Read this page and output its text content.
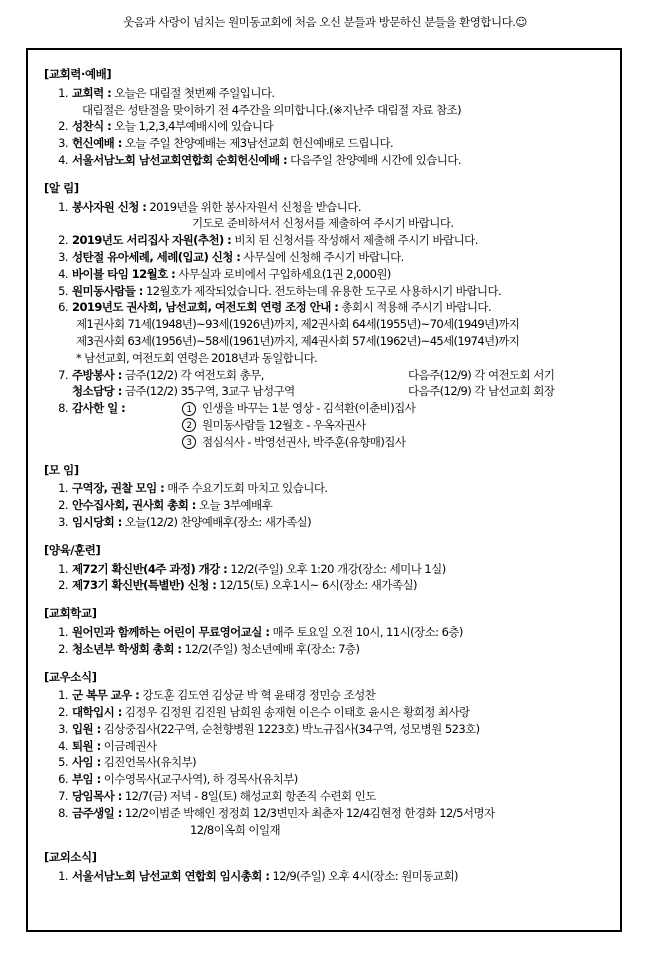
웃음과 사랑이 넘치는 원미동교회에 처음 오신 분들과 방문하신 분들을 환영합니다.☺
[교회력·예배]
1. 교회력 : 오늘은 대림절 첫번째 주일입니다.
대림절은 성탄절을 맞이하기 전 4주간을 의미합니다.(※지난주 대림절 자료 참조)
2. 성찬식 : 오늘 1,2,3,4부예배시에 있습니다
3. 헌신예배 : 오늘 주일 찬양예배는 제3남선교회 헌신예배로 드립니다.
4. 서울서남노회 남선교회연합회 순회헌신예배 : 다음주일 찬양예배 시간에 있습니다.
[알 림]
1. 봉사자원 신청 : 2019년을 위한 봉사자원서 신청을 받습니다.
기도로 준비하셔서 신청서를 제출하여 주시기 바랍니다.
2. 2019년도 서리집사 자원(추천) : 비치 된 신청서를 작성해서 제출해 주시기 바랍니다.
3. 성탄절 유아세례, 세례(입교) 신청 : 사무실에 신청해 주시기 바랍니다.
4. 바이블 타임 12월호 : 사무실과 로비에서 구입하세요(1권 2,000원)
5. 원미동사람들 : 12월호가 제작되었습니다. 전도하는데 유용한 도구로 사용하시기 바랍니다.
6. 2019년도 권사회, 남선교회, 여전도회 연령 조정 안내 : 총회시 적용해 주시기 바랍니다.
제1권사회 71세(1948년)~93세(1926년)까지, 제2권사회 64세(1955년)~70세(1949년)까지
제3권사회 63세(1956년)~58세(1961년)까지, 제4권사회 57세(1962년)~45세(1974년)까지
* 남선교회, 여전도회 연령은 2018년과 동일합니다.
7. 주방봉사 : 금주(12/2) 각 여전도회 총무,	다음주(12/9) 각 여전도회 서기
청소담당 : 금주(12/2) 35구역, 3교구 남성구역	다음주(12/9) 각 남선교회 회장
8. 감사한 일 :	1 인생을 바꾸는 1분 영상 - 김석환(이춘비)집사
2 원미동사람들 12월호 - 우옥자권사
3 점심식사 - 박영선권사, 박주훈(유향매)집사
[모 임]
1. 구역장, 권찰 모임 : 매주 수요기도회 마치고 있습니다.
2. 안수집사회, 권사회 총회 : 오늘 3부예배후
3. 임시당회 : 오늘(12/2) 찬양예배후(장소: 새가족실)
[양육/훈련]
1. 제72기 확신반(4주 과정) 개강 : 12/2(주일) 오후 1:20 개강(장소: 세미나 1실)
2. 제73기 확신반(특별반) 신청 : 12/15(토) 오후1시~ 6시(장소: 새가족실)
[교회학교]
1. 원어민과 함께하는 어린이 무료영어교실 : 매주 토요일 오전 10시, 11시(장소: 6층)
2. 청소년부 학생회 총회 : 12/2(주일) 청소년예배 후(장소: 7층)
[교우소식]
1. 군 복무 교우 : 강도훈 김도연 김상균 박 혁 윤태경 정민승 조성찬
2. 대학입시 : 김정우 김정원 김진원 남희원 송재현 이은수 이태호 윤시은 황희정 최사랑
3. 입원 : 김상중집사(22구역, 순천향병원 1223호) 박노규집사(34구역, 성모병원 523호)
4. 퇴원 : 이금례권사
5. 사임 : 김진언목사(유치부)
6. 부임 : 이수영목사(교구사역), 하 경목사(유치부)
7. 당임목사 : 12/7(금) 저녁 - 8일(토) 해성교회 항존직 수련회 인도
8. 금주생일 : 12/2이범준 박해인 정정희 12/3변민자 최춘자 12/4김현정 한경화 12/5서명자
12/8이옥희 이일재
[교외소식]
1. 서울서남노회 남선교회 연합회 임시총회 : 12/9(주일) 오후 4시(장소: 원미동교회)
